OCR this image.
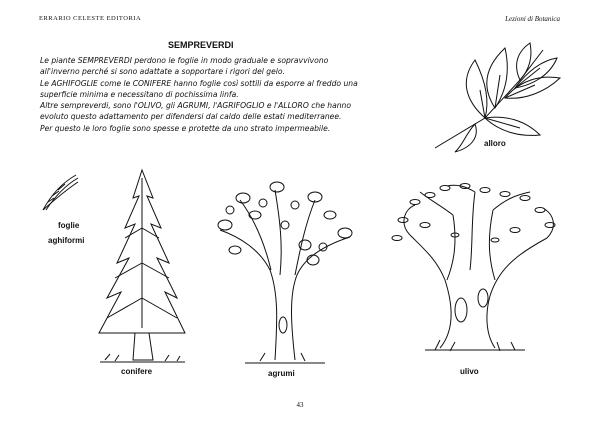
ERRARIO CELESTE EDITORIA	Lezioni di Botanica
SEMPREVERDI
Le piante SEMPREVERDI perdono le foglie in modo graduale e sopravvivono
all'inverno perché si sono adattate a sopportare i rigori del gelo.
Le AGHIFOGLIE come le CONIFERE hanno foglie così sottili da esporre al freddo una
superficie minima e necessitano di pochissima linfa.
Altre sempreverdi, sono l'OLIVO, gli AGRUMI, l'AGRIFOGLIO e l'ALLORO che hanno
evoluto questo adattamento per difendersi dal caldo delle estati mediterranee.
Per questo le loro foglie sono spesse e protette da uno strato impermeabile.
alloro
foglie
aghiformi
conifere	agrumi	ulivo
43
